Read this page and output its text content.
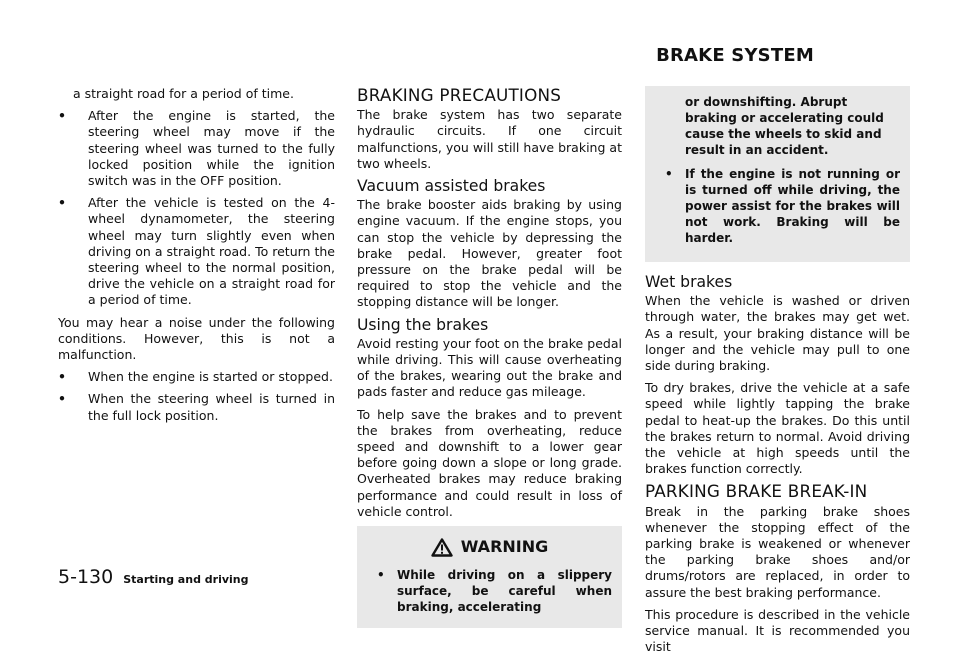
BRAKE SYSTEM

a straight road for a period of time.

•	After the engine is started, the steering wheel may move if the steering wheel was turned to the fully locked position while the ignition switch was in the OFF position.
•	After the vehicle is tested on the 4-wheel dynamometer, the steering wheel may turn slightly even when driving on a straight road. To return the steering wheel to the normal position, drive the vehicle on a straight road for a period of time.

You may hear a noise under the following conditions. However, this is not a malfunction.

•	When the engine is started or stopped.
•	When the steering wheel is turned in the full lock position.
BRAKING PRECAUTIONS

The brake system has two separate hydraulic circuits. If one circuit malfunctions, you will still have braking at two wheels.

Vacuum assisted brakes

The brake booster aids braking by using engine vacuum. If the engine stops, you can stop the vehicle by depressing the brake pedal. However, greater foot pressure on the brake pedal will be required to stop the vehicle and the stopping distance will be longer.

Using the brakes

Avoid resting your foot on the brake pedal while driving. This will cause overheating of the brakes, wearing out the brake and pads faster and reduce gas mileage.

To help save the brakes and to prevent the brakes from overheating, reduce speed and downshift to a lower gear before going down a slope or long grade. Overheated brakes may reduce braking performance and could result in loss of vehicle control.

WARNING
•	While driving on a slippery surface, be careful when braking, accelerating
or downshifting. Abrupt braking or accelerating could cause the wheels to skid and result in an accident.
•	If the engine is not running or is turned off while driving, the power assist for the brakes will not work. Braking will be harder.
Wet brakes

When the vehicle is washed or driven through water, the brakes may get wet. As a result, your braking distance will be longer and the vehicle may pull to one side during braking.

To dry brakes, drive the vehicle at a safe speed while lightly tapping the brake pedal to heat-up the brakes. Do this until the brakes return to normal. Avoid driving the vehicle at high speeds until the brakes function correctly.

PARKING BRAKE BREAK-IN

Break in the parking brake shoes whenever the stopping effect of the parking brake is weakened or whenever the parking brake shoes and/or drums/rotors are replaced, in order to assure the best braking performance.

This procedure is described in the vehicle service manual. It is recommended you visit

5-130 Starting and driving
